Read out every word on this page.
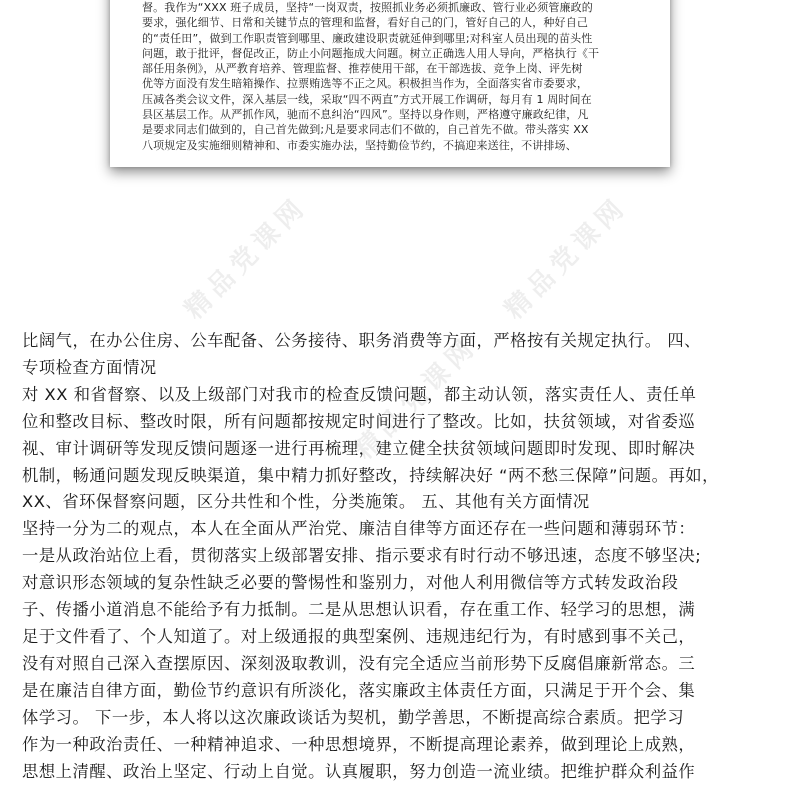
督。我作为“XXX 班子成员，坚持“一岗双责，按照抓业务必须抓廉政、管行业必须管廉政的

要求，强化细节、日常和关键节点的管理和监督，看好自己的门，管好自己的人，种好自己

的“责任田”，做到工作职责管到哪里、廉政建设职责就延伸到哪里;对科室人员出现的苗头性

问题，敢于批评，督促改正，防止小问题拖成大问题。树立正确选人用人导向，严格执行《干

部任用条例》，从严教育培养、管理监督、推荐使用干部，在干部选拔、竞争上岗、评先树

优等方面没有发生暗箱操作、拉票贿选等不正之风。积极担当作为，全面落实省市委要求，

压减各类会议文件，深入基层一线，采取“四不两直”方式开展工作调研，每月有 1 周时间在

县区基层工作。从严抓作风，驰而不息纠治“四风”。坚持以身作则，严格遵守廉政纪律，凡

是要求同志们做到的，自己首先做到;凡是要求同志们不做的，自己首先不做。带头落实 XX

八项规定及实施细则精神和、市委实施办法，坚持勤俭节约，不搞迎来送往，不讲排场、

精品党课网	精品党课网
精品党课网

比阔气，在办公住房、公车配备、公务接待、职务消费等方面，严格按有关规定执行。 四、

专项检查方面情况

对 XX 和省督察、以及上级部门对我市的检查反馈问题，都主动认领，落实责任人、责任单

位和整改目标、整改时限，所有问题都按规定时间进行了整改。比如，扶贫领域，对省委巡

视、审计调研等发现反馈问题逐一进行再梳理，建立健全扶贫领域问题即时发现、即时解决

机制，畅通问题发现反映渠道，集中精力抓好整改，持续解决好 “两不愁三保障”问题。再如，

XX、省环保督察问题，区分共性和个性，分类施策。 五、其他有关方面情况

坚持一分为二的观点，本人在全面从严治党、廉洁自律等方面还存在一些问题和薄弱环节：

一是从政治站位上看，贯彻落实上级部署安排、指示要求有时行动不够迅速，态度不够坚决;

对意识形态领域的复杂性缺乏必要的警惕性和鉴别力，对他人利用微信等方式转发政治段

子、传播小道消息不能给予有力抵制。二是从思想认识看，存在重工作、轻学习的思想，满

足于文件看了、个人知道了。对上级通报的典型案例、违规违纪行为，有时感到事不关己，

没有对照自己深入查摆原因、深刻汲取教训，没有完全适应当前形势下反腐倡廉新常态。三

是在廉洁自律方面，勤俭节约意识有所淡化，落实廉政主体责任方面，只满足于开个会、集

体学习。 下一步，本人将以这次廉政谈话为契机，勤学善思，不断提高综合素质。把学习

作为一种政治责任、一种精神追求、一种思想境界，不断提高理论素养，做到理论上成熟，

思想上清醒、政治上坚定、行动上自觉。认真履职，努力创造一流业绩。把维护群众利益作
